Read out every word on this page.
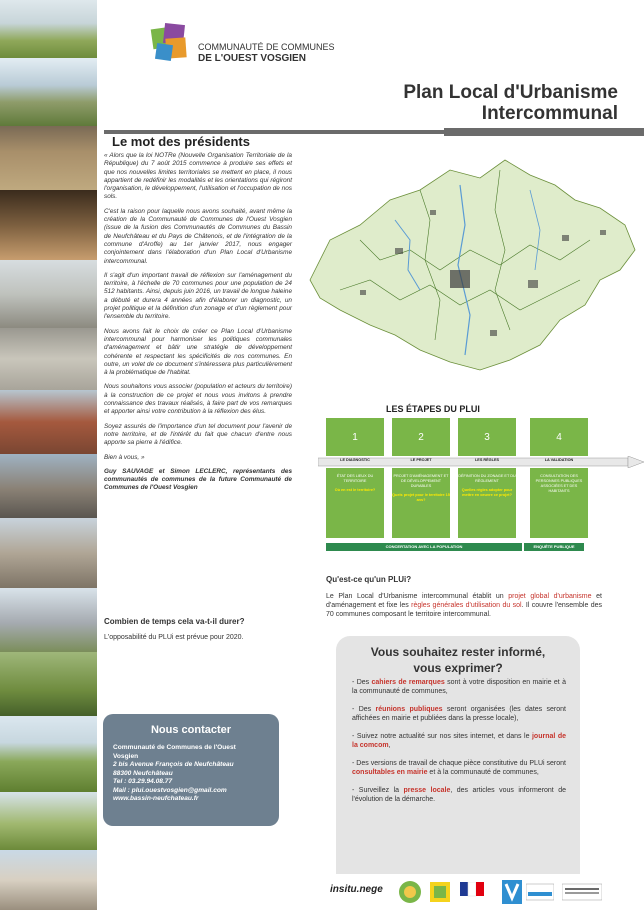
COMMUNAUTÉ DE COMMUNES
DE L'OUEST VOSGIEN
Plan Local d'Urbanisme
Intercommunal
Le mot des présidents

« Alors que la loi NOTRe (Nouvelle Organisation Territoriale de la République) du 7 août 2015 commence à produire ses effets et que nos nouvelles limites territoriales se mettent en place, il nous appartient de redéfinir les modalités et les orientations qui régiront l'organisation, le développement, l'utilisation et l'occupation de nos sols.

C'est la raison pour laquelle nous avons souhaité, avant même la création de la Communauté de Communes de l'Ouest Vosgien (issue de la fusion des Communautés de Communes du Bassin de Neufchâteau et du Pays de Châtenois, et de l'intégration de la commune d'Aroffe) au 1er janvier 2017, nous engager conjointement dans l'élaboration d'un Plan Local d'Urbanisme intercommunal.

Il s'agit d'un important travail de réflexion sur l'aménagement du territoire, à l'échelle de 70 communes pour une population de 24 512 habitants. Ainsi, depuis juin 2016, un travail de longue haleine a débuté et durera 4 années afin d'élaborer un diagnostic, un projet politique et la définition d'un zonage et d'un règlement pour l'ensemble du territoire.

Nous avons fait le choix de créer ce Plan Local d'Urbanisme intercommunal pour harmoniser les politiques communales d'aménagement et bâtir une stratégie de développement cohérente et respectant les spécificités de nos communes. En outre, un volet de ce document s'intéressera plus particulièrement à la problématique de l'habitat.

Nous souhaitons vous associer (population et acteurs du territoire) à la construction de ce projet et nous vous invitons à prendre connaissance des travaux réalisés, à faire part de vos remarques et apporter ainsi votre contribution à la réflexion des élus.

Soyez assurés de l'importance d'un tel document pour l'avenir de notre territoire, et de l'intérêt du fait que chacun d'entre nous apporte sa pierre à l'édifice.

Bien à vous, »

Guy SAUVAGE et Simon LECLERC, représentants des communautés de communes de la future Communauté de Communes de l'Ouest Vosgien

Combien de temps cela va-t-il durer?
L'opposabilité du PLUi est prévue pour 2020.
Nous contacter
Communauté de Communes de l'Ouest
Vosgien
2 bis Avenue François de Neufchâteau
88300 Neufchâteau
Tel : 03.29.94.08.77
Mail : plui.ouestvosgien@gmail.com
www.bassin-neufchateau.fr
LES ÉTAPES DU PLUI
1	2	3	4
LE DIAGNOSTIC	LE PROJET	LES RÈGLES	LA VALIDATION
ÉTAT DES LIEUX DU TERRITOIRE
Où en est le territoire?
PROJET D'AMÉNAGEMENT ET DE DÉVELOPPEMENT DURABLES
Quels projet pour le territoire 15 ans?
DÉFINITION DU ZONAGE ET DU RÈGLEMENT
Quelles règles adopter pour mettre en oeuvre ce projet?
CONSULTATION DES PERSONNES PUBLIQUES ASSOCIÉES ET DES HABITANTS
CONCERTATION AVEC LA POPULATION	ENQUÊTE PUBLIQUE
Qu'est-ce qu'un PLUi?
Le Plan Local d'Urbanisme intercommunal établit un projet global d'urbanisme et d'aménagement et fixe les règles générales d'utilisation du sol. Il couvre l'ensemble des 70 communes composant le territoire intercommunal.
Vous souhaitez rester informé,
vous exprimer?
- Des cahiers de remarques sont à votre disposition en mairie et à la communauté de communes,
- Des réunions publiques seront organisées (les dates seront affichées en mairie et publiées dans la presse locale),
- Suivez notre actualité sur nos sites internet, et dans le journal de la comcom,
- Des versions de travail de chaque pièce constitutive du PLUi seront consultables en mairie et à la communauté de communes,
- Surveillez la presse locale, des articles vous informeront de l'évolution de la démarche.
insitu.nege
